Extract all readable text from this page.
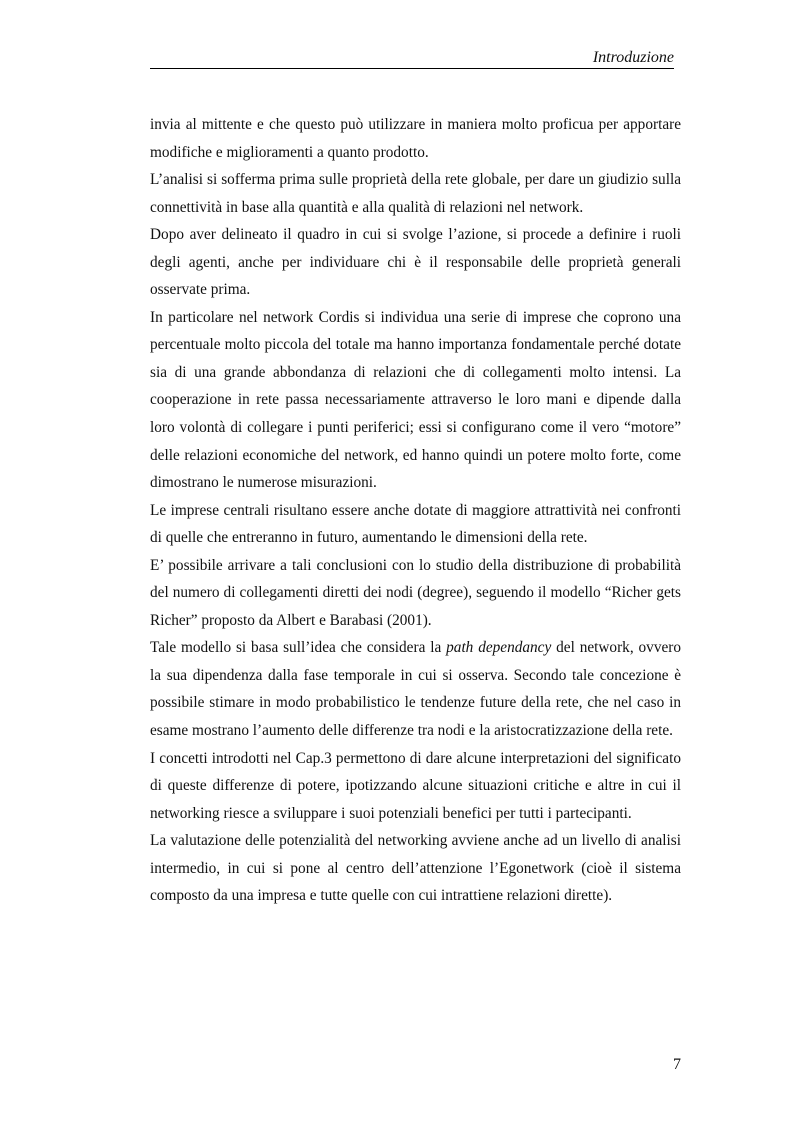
Introduzione

invia al mittente e che questo può utilizzare in maniera molto proficua per apportare modifiche e miglioramenti a quanto prodotto.

L’analisi si sofferma prima sulle proprietà della rete globale, per dare un giudizio sulla connettività in base alla quantità e alla qualità di relazioni nel network.

Dopo aver delineato il quadro in cui si svolge l’azione, si procede a definire i ruoli degli agenti, anche per individuare chi è il responsabile delle proprietà generali osservate prima.

In particolare nel network Cordis si individua una serie di imprese che coprono una percentuale molto piccola del totale ma hanno importanza fondamentale perché dotate sia di una grande abbondanza di relazioni che di collegamenti molto intensi. La cooperazione in rete passa necessariamente attraverso le loro mani e dipende dalla loro volontà di collegare i punti periferici; essi si configurano come il vero “motore” delle relazioni economiche del network, ed hanno quindi un potere molto forte, come dimostrano le numerose misurazioni.

Le imprese centrali risultano essere anche dotate di maggiore attrattività nei confronti di quelle che entreranno in futuro, aumentando le dimensioni della rete.

E’ possibile arrivare a tali conclusioni con lo studio della distribuzione di probabilità del numero di collegamenti diretti dei nodi (degree), seguendo il modello “Richer gets Richer” proposto da Albert e Barabasi (2001).

Tale modello si basa sull’idea che considera la path dependancy del network, ovvero la sua dipendenza dalla fase temporale in cui si osserva. Secondo tale concezione è possibile stimare in modo probabilistico le tendenze future della rete, che nel caso in esame mostrano l’aumento delle differenze tra nodi e la aristocratizzazione della rete.

I concetti introdotti nel Cap.3 permettono di dare alcune interpretazioni del significato di queste differenze di potere, ipotizzando alcune situazioni critiche e altre in cui il networking riesce a sviluppare i suoi potenziali benefici per tutti i partecipanti.

La valutazione delle potenzialità del networking avviene anche ad un livello di analisi intermedio, in cui si pone al centro dell’attenzione l’Egonetwork (cioè il sistema composto da una impresa e tutte quelle con cui intrattiene relazioni dirette).

7
